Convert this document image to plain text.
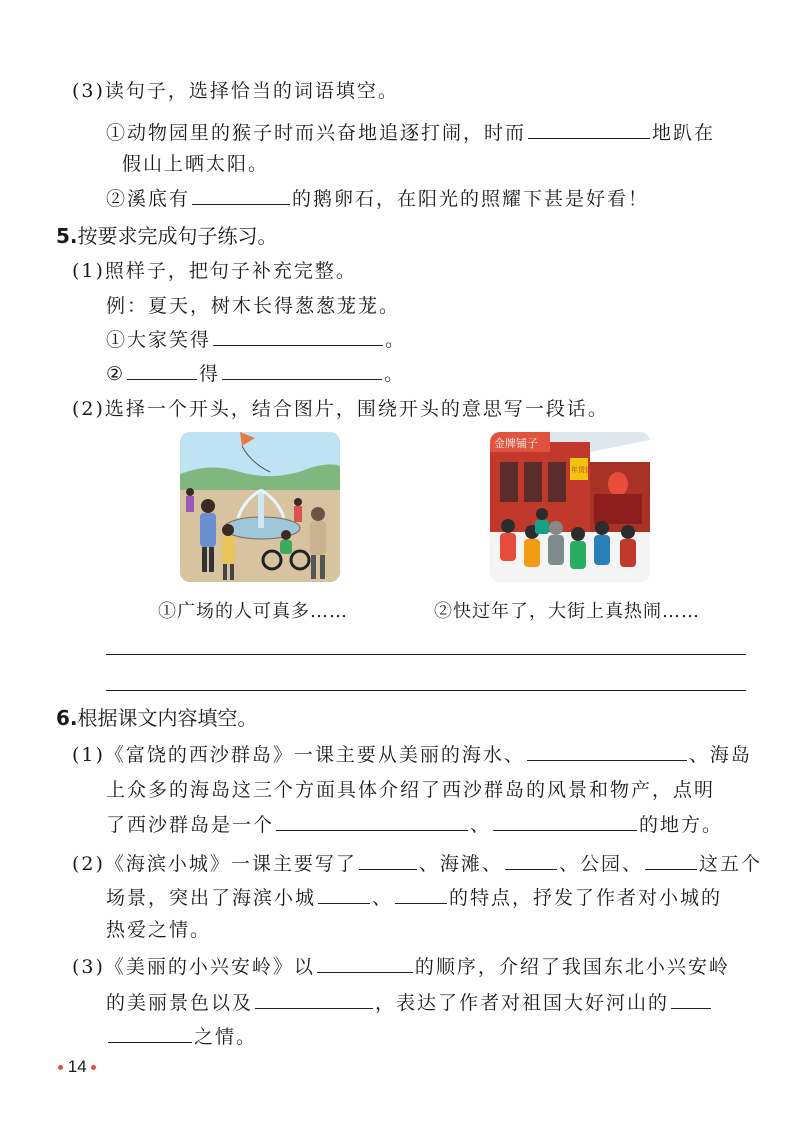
(3)读句子，选择恰当的词语填空。
①动物园里的猴子时而兴奋地追逐打闹，时而	地趴在
假山上晒太阳。
②溪底有	的鹅卵石，在阳光的照耀下甚是好看！
5.按要求完成句子练习。
(1)照样子，把句子补充完整。
例：夏天，树木长得葱葱茏茏。
①大家笑得	。
②	得	。
(2)选择一个开头，结合图片，围绕开头的意思写一段话。
金牌铺子
年货街
①广场的人可真多……	②快过年了，大街上真热闹……
6.根据课文内容填空。
(1)《富饶的西沙群岛》一课主要从美丽的海水、	、海岛
上众多的海岛这三个方面具体介绍了西沙群岛的风景和物产，点明
了西沙群岛是一个	、	的地方。
(2)《海滨小城》一课主要写了	、海滩、	、公园、	这五个
场景，突出了海滨小城	、	的特点，抒发了作者对小城的
热爱之情。
(3)《美丽的小兴安岭》以	的顺序，介绍了我国东北小兴安岭
的美丽景色以及	，表达了作者对祖国大好河山的
之情。
14
